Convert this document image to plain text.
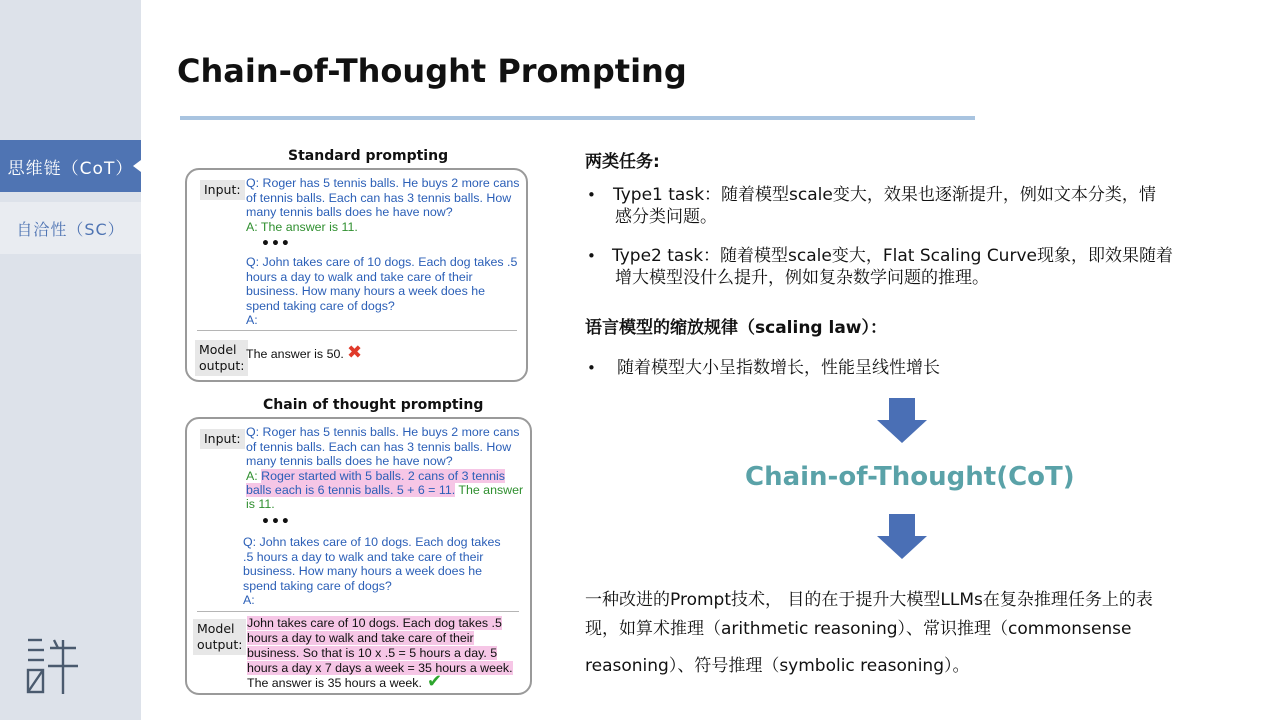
思维链（CoT）
自洽性（SC）
Chain-of-Thought Prompting
Standard prompting
Input: Q: Roger has 5 tennis balls. He buys 2 more cans
of tennis balls. Each can has 3 tennis balls. How
many tennis balls does he have now?
A: The answer is 11.
•••
Q: John takes care of 10 dogs. Each dog takes .5
hours a day to walk and take care of their
business. How many hours a week does he
spend taking care of dogs?
A:
Model
output:
The answer is 50. ✖
Chain of thought prompting
Input: Q: Roger has 5 tennis balls. He buys 2 more cans
of tennis balls. Each can has 3 tennis balls. How
many tennis balls does he have now?
A: Roger started with 5 balls. 2 cans of 3 tennis
balls each is 6 tennis balls. 5 + 6 = 11. The answer
is 11.
•••
Q: John takes care of 10 dogs. Each dog takes
.5 hours a day to walk and take care of their
business. How many hours a week does he
spend taking care of dogs?
A:
Model
output:
John takes care of 10 dogs. Each dog takes .5
hours a day to walk and take care of their
business. So that is 10 x .5 = 5 hours a day. 5
hours a day x 7 days a week = 35 hours a week.
The answer is 35 hours a week. ✔
两类任务:
• Type1 task：随着模型scale变大，效果也逐渐提升，例如文本分类，情
感分类问题。
• Type2 task：随着模型scale变大，Flat Scaling Curve现象，即效果随着
增大模型没什么提升，例如复杂数学问题的推理。
语言模型的缩放规律（scaling law）：
• 随着模型大小呈指数增长，性能呈线性增长
Chain-of-Thought(CoT)
一种改进的Prompt技术， 目的在于提升大模型LLMs在复杂推理任务上的表
现，如算术推理（arithmetic reasoning）、常识推理（commonsense
reasoning）、符号推理（symbolic reasoning）。
